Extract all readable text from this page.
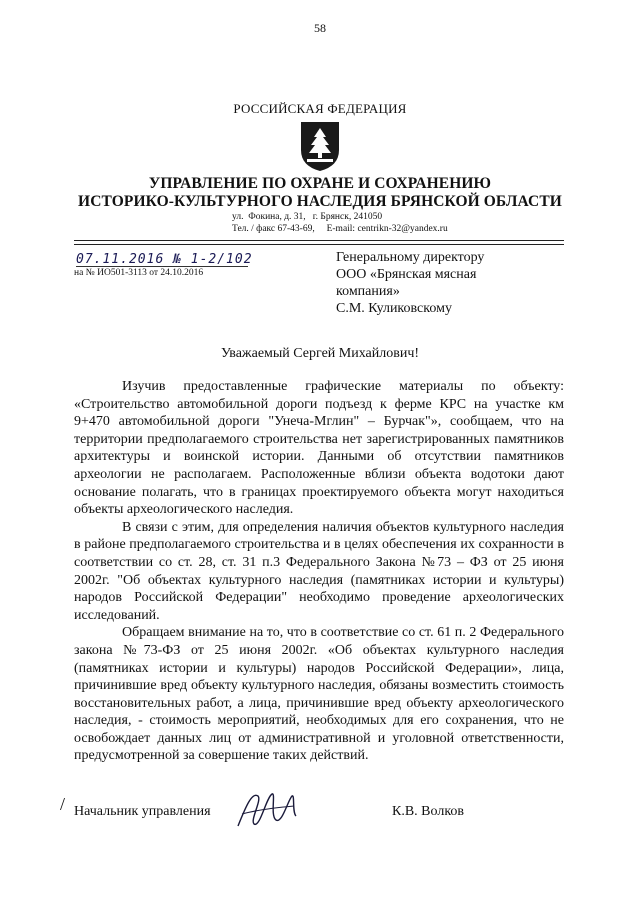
58
РОССИЙСКАЯ ФЕДЕРАЦИЯ
УПРАВЛЕНИЕ ПО ОХРАНЕ И СОХРАНЕНИЮ
ИСТОРИКО-КУЛЬТУРНОГО НАСЛЕДИЯ БРЯНСКОЙ ОБЛАСТИ
ул.  Фокина, д. 31,   г. Брянск, 241050
Тел. / факс 67-43-69,     E-mail: centrikn-32@yandex.ru
07.11.2016 № 1-2/102
на № ИО501-3113 от 24.10.2016
Генеральному директору
ООО «Брянская мясная
компания»
С.М. Куликовскому
Уважаемый Сергей Михайлович!

Изучив предоставленные графические материалы по объекту: «Строительство автомобильной дороги подъезд к ферме КРС на участке км 9+470 автомобильной дороги "Унеча-Мглин" – Бурчак"», сообщаем, что на территории предполагаемого строительства нет зарегистрированных памятников архитектуры и воинской истории. Данными об отсутствии памятников археологии не располагаем. Расположенные вблизи объекта водотоки дают основание полагать, что в границах проектируемого объекта могут находиться объекты археологического наследия.

В связи с этим, для определения наличия объектов культурного наследия в районе предполагаемого строительства и в целях обеспечения их сохранности в соответствии со ст. 28, ст. 31 п.3 Федерального Закона №73 – ФЗ от 25 июня 2002г. "Об объектах культурного наследия (памятниках истории и культуры) народов Российской Федерации" необходимо проведение археологических исследований.

Обращаем внимание на то, что в соответствие со ст. 61 п. 2 Федерального закона №73-ФЗ от 25 июня 2002г. «Об объектах культурного наследия (памятниках истории и культуры) народов Российской Федерации», лица, причинившие вред объекту культурного наследия, обязаны возместить стоимость восстановительных работ, а лица, причинившие вред объекту археологического наследия, - стоимость мероприятий, необходимых для его сохранения, что не освобождает данных лиц от административной и уголовной ответственности, предусмотренной за совершение таких действий.

/ Начальник управления	К.В. Волков
